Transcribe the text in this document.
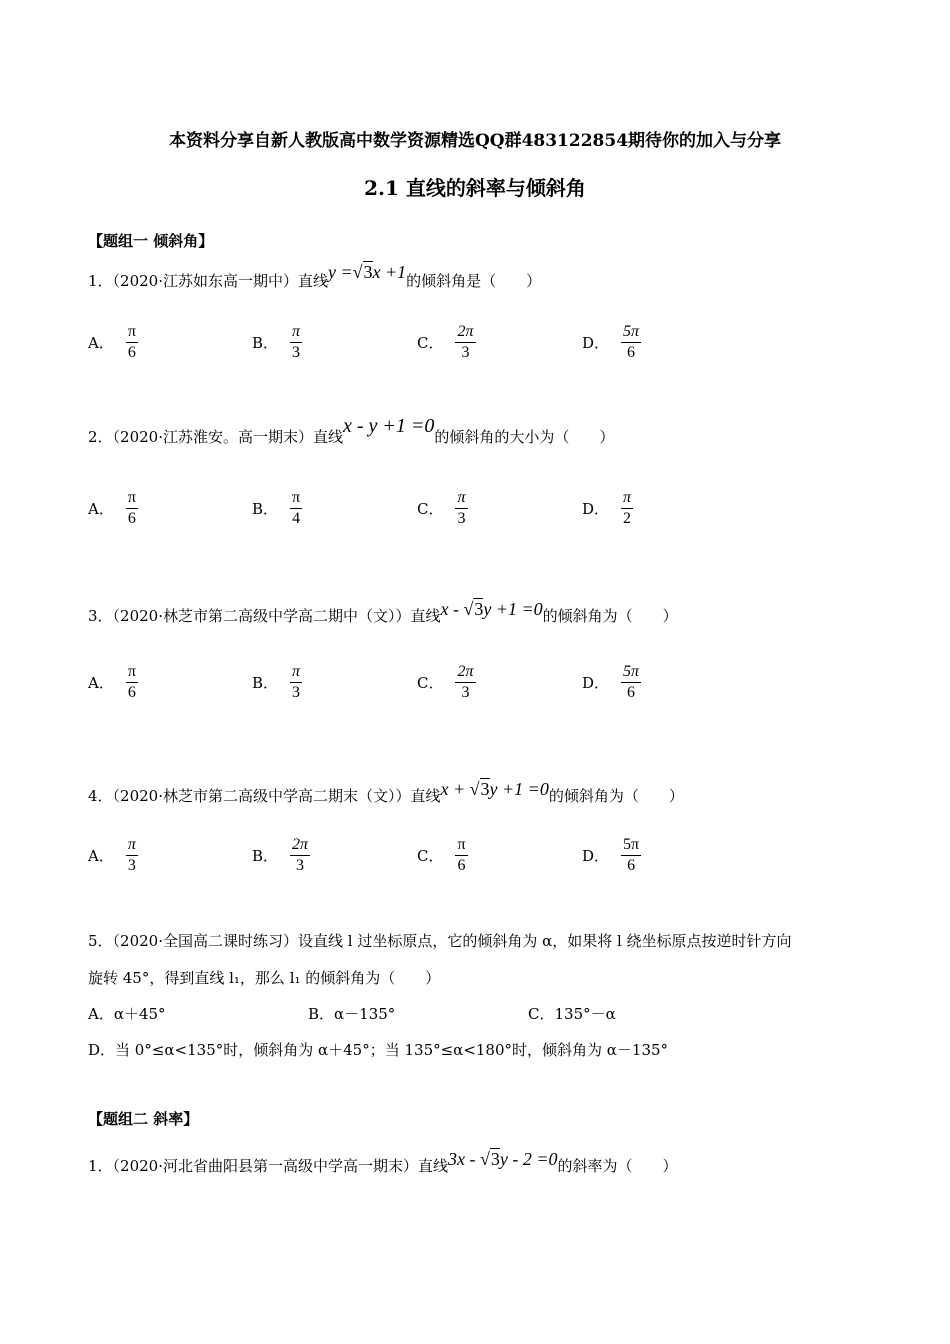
本资料分享自新人教版高中数学资源精选QQ群483122854期待你的加入与分享
2.1 直线的斜率与倾斜角
【题组一 倾斜角】
1．（2020·江苏如东高一期中）直线y =√3x +1的倾斜角是（　　）
A． $\frac{\pi}{6}$	B． $\frac{\pi}{3}$	C． $\frac{2\pi}{3}$	D． $\frac{5\pi}{6}$
2．（2020·江苏淮安。高一期末）直线x - y +1 =0的倾斜角的大小为（　　）
A． $\frac{\pi}{6}$	B． $\frac{\pi}{4}$	C． $\frac{\pi}{3}$	D． $\frac{\pi}{2}$
3．（2020·林芝市第二高级中学高二期中（文））直线x - √3y +1 =0的倾斜角为（　　）
A． $\frac{\pi}{6}$	B． $\frac{\pi}{3}$	C． $\frac{2\pi}{3}$	D． $\frac{5\pi}{6}$
4．（2020·林芝市第二高级中学高二期末（文））直线x + √3y +1 =0的倾斜角为（　　）
A． $\frac{\pi}{3}$	B． $\frac{2\pi}{3}$	C． $\frac{\pi}{6}$	D． $\frac{5\pi}{6}$
5．（2020·全国高二课时练习）设直线 l 过坐标原点，它的倾斜角为 α，如果将 l 绕坐标原点按逆时针方向
旋转 45°，得到直线 l₁，那么 l₁ 的倾斜角为（　　）
A．α＋45°	B．α－135°	C．135°－α
D．当 0°≤α<135°时，倾斜角为 α＋45°；当 135°≤α<180°时，倾斜角为 α－135°
【题组二 斜率】
1．（2020·河北省曲阳县第一高级中学高一期末）直线3x - √3y - 2 =0的斜率为（　　）
